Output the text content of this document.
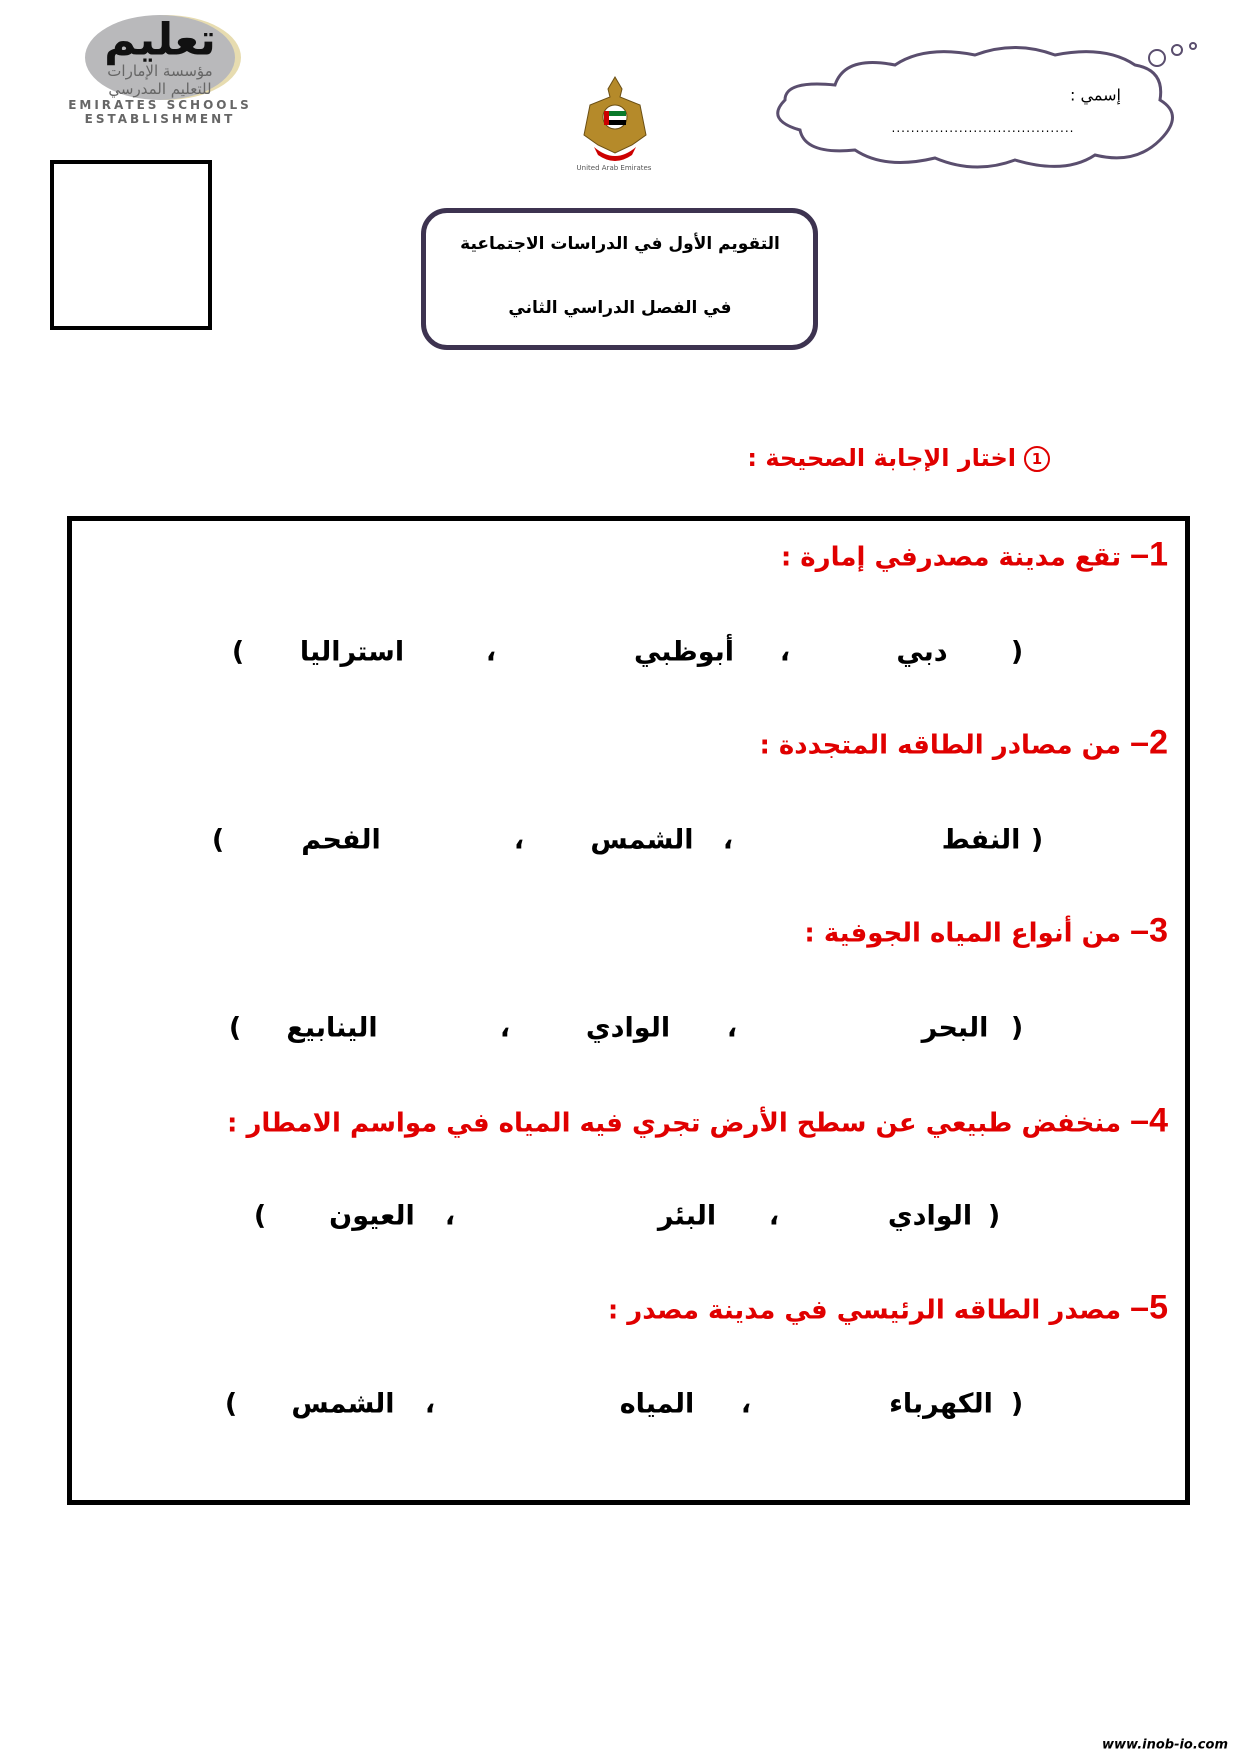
تعليم
مؤسسة الإمارات
للتعليم المدرسي
EMIRATES SCHOOLS
ESTABLISHMENT
United Arab Emirates
إسمي :
......................................
التقويم الأول في الدراسات الاجتماعية
في الفصل الدراسي الثاني
1اختار الإجابة الصحيحة :
1– تقع مدينة مصدرفي إمارة :
)
دبي
،
أبوظبي
،
استراليا
(
2– من مصادر الطاقه المتجددة :
)
النفط
،
الشمس
،
الفحم
(
3– من أنواع المياه الجوفية :
)
البحر
،
الوادي
،
الينابيع
(
4– منخفض طبيعي عن سطح الأرض تجري فيه المياه في مواسم الامطار :
)
الوادي
،
البئر
،
العيون
(
5– مصدر الطاقه الرئيسي في مدينة مصدر :
)
الكهرباء
،
المياه
،
الشمس
(
www.inob-io.com
